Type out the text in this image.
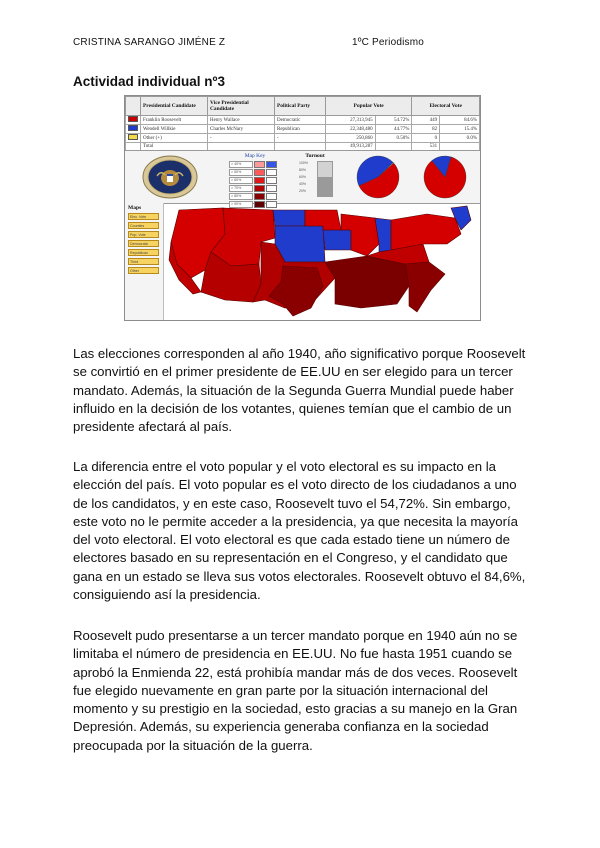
CRISTINA SARANGO JIMÉNE Z	1ºC Periodismo
Actividad individual nº3
	Presidential Candidate	Vice Presidential Candidate	Political Party	Popular Vote		Electoral Vote	
	Franklin Roosevelt	Henry Wallace	Democratic	27,313,945	54.72%	449	84.6%
	Wendell Willkie	Charles McNary	Republican	22,348,480	44.77%	82	15.4%
	Other (+)	-	-	250,860	0.50%	0	0.0%
	Total			49,913,287		531	
Map Key
> 40%
> 50%
> 60%
> 70%
> 80%
> 90%
Turnout
100%
80%
60%
40%
20%
Maps
Elec. Vote
Counties
Pop. Vote
Democratic
Republican
Third
Other

Las elecciones corresponden al año 1940, año significativo porque Roosevelt se convirtió en el primer presidente de EE.UU en ser elegido para un tercer mandato. Además, la situación de la Segunda Guerra Mundial puede haber influido en la decisión de los votantes, quienes temían que el cambio de un presidente afectará al país.

La diferencia entre el voto popular y el voto electoral es su impacto en la elección del país. El voto popular es el voto directo de los ciudadanos a uno de los candidatos, y en este caso, Roosevelt tuvo el 54,72%. Sin embargo, este voto no le permite acceder a la presidencia, ya que necesita la mayoría del voto electoral. El voto electoral es que cada estado tiene un número de electores basado en su representación en el Congreso, y el candidato que gana en un estado se lleva sus votos electorales. Roosevelt obtuvo el 84,6%, consiguiendo así la presidencia.

Roosevelt pudo presentarse a un tercer mandato porque en 1940 aún no se limitaba el número de presidencia en EE.UU. No fue hasta 1951 cuando se aprobó la Enmienda 22, está prohibía mandar más de dos veces. Roosevelt fue elegido nuevamente en gran parte por la situación internacional del momento y su prestigio en la sociedad, esto gracias a su manejo en la Gran Depresión. Además, su experiencia generaba confianza en la sociedad preocupada por la situación de la guerra.
